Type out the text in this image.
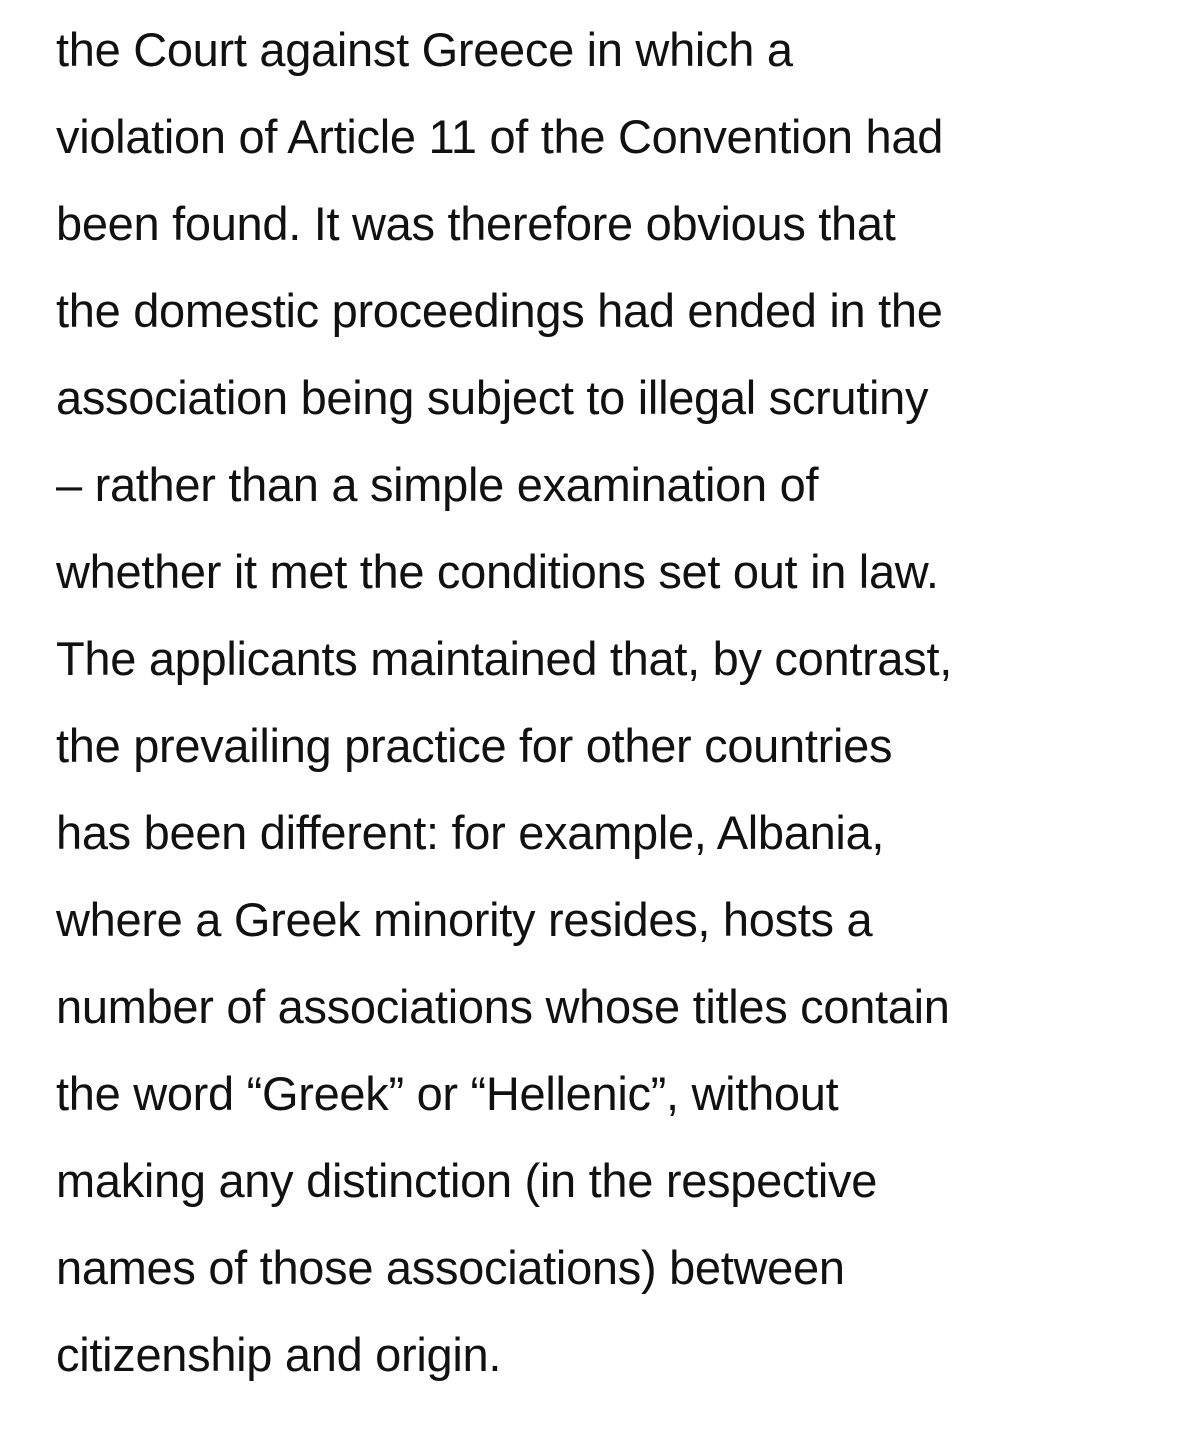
the Court against Greece in which a
violation of Article 11 of the Convention had
been found. It was therefore obvious that
the domestic proceedings had ended in the
association being subject to illegal scrutiny
– rather than a simple examination of
whether it met the conditions set out in law.
The applicants maintained that, by contrast,
the prevailing practice for other countries
has been different: for example, Albania,
where a Greek minority resides, hosts a
number of associations whose titles contain
the word “Greek” or “Hellenic”, without
making any distinction (in the respective
names of those associations) between
citizenship and origin.
